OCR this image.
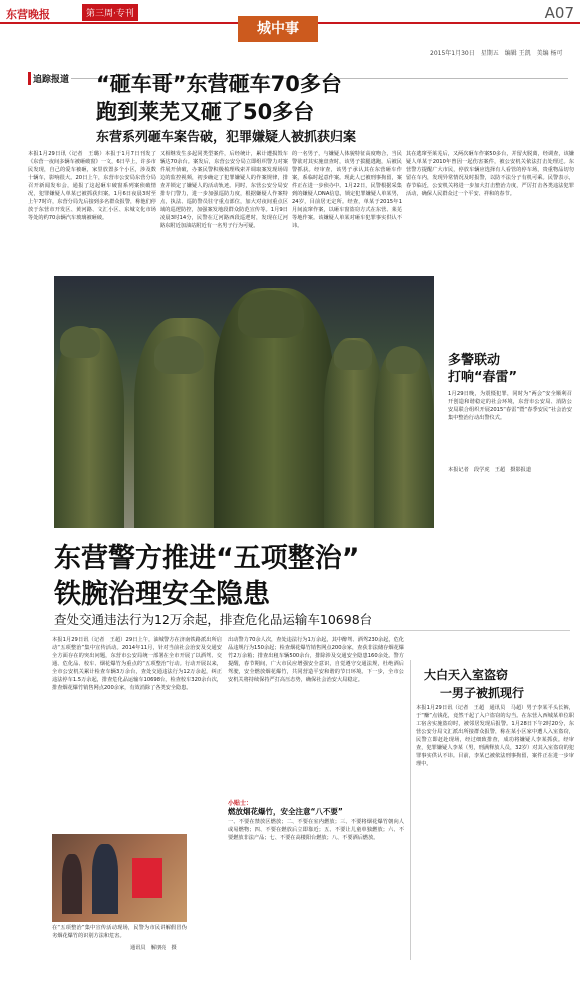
东营晚报	第三周·专刊	A07
城中事
2015年1月30日　星期五　编辑 王凯　美编 杨可
追踪报道 “砸车哥”东营砸车70多台
跑到莱芜又砸了50多台
东营系列砸车案告破，犯罪嫌疑人被抓获归案
本报1月29日讯（记者　王璐）本报于1月7日刊发了《东营一夜间多辆车被砸破窗》一文，6日早上，许多市民发现，自己的爱车被砸，家里放置多个小区，涉及数十辆车，影响很大。20日上午，东营市公安局东营分局召开新闻发布会，通报了这起砸车破窗系列案侦破情况，犯罪嫌疑人单某已被抓获归案。1月6日夜晨3时至上午7时许，东营分局先后接到多名群众报警，称他们停放于东营市开发区、黄河路、文汇小区、东城文化市场等处的约70余辆汽车玻璃被砸破。
又相继发生多起同类型案件，后经统计，累计遭损毁车辆达70余台。案发后，东营公安分局立即组织警力对案件展开侦破，办案民警积极梳理线索并调取案发现场周边的监控视频，初步确定了犯罪嫌疑人的作案规律，排查并锁定了嫌疑人的活动轨迹。同时，东营公安分局安排专门警力，进一步加强巡防力度，根据嫌疑人作案特点，执法、巡防警员驻守重点部位，加大对夜间重点区域的巡逻防控，加强案发地段群众防范宣传等。1月9日凌晨3时14分，民警在辽河路西段巡逻时，发现在辽河路东附近加油站附近有一名男子行为可疑。
的一名男子，与嫌疑人体貌特征高度吻合，当民警欲对其实施盘查时，该男子拔腿逃跑，后被民警抓获。经审查，该男子承认其在东营砸车作案，系临时起意作案。现此人已被刑事拘留，案件正在进一步侦办中。1月22日，民警根据采集到的嫌疑人DNA信息，锁定犯罪嫌疑人单某男，24岁，目前居无定所。经查，单某于2015年1月间流窜作案，以砸车窗盗窃方式在东营、莱芜等地作案。该嫌疑人单某对砸车犯罪事实供认不讳。
其在逃窜至莱芜后，又两次砸车作案50多台，并留火脱离，经调查，该嫌疑人单某于2010年曾因一起伤害案件，被公安机关依法打击处理过。东营警方提醒广大市民，停放车辆应选择有人看管的停车场，贵重物品切勿留在车内，发现异常情况及时报警，以防不法分子有机可乘。民警表示，春节临近，公安机关将进一步加大打击整治力度，严厉打击各类违法犯罪活动，确保人民群众过一个平安、祥和的春节。
多警联动
打响“春雷”
1月29日晚，为震慑犯罪，同时为“两会”安全顺利召开创造和谐稳定的社会环境，东营市公安局、消防公安局联合组织开展2015“春雷”暨“春季安民”社会治安集中整治行动出警仪式。
本报记者　段学虎　王超　摄影报道
东营警方推进“五项整治”
铁腕治理安全隐患
查处交通违法行为12万余起，排查危化品运输车10698台
本报1月29日讯（记者　王超）29日上午，油城警方在济南铁路派出所启动“五项整治”集中宣传活动。2014年11月，针对当前社会治安及交通安全方面存在的突出问题，东营市公安局统一部署在全市开展了以酒驾、交通、危化品、校车、烟花爆竹为重点的“五项整治”行动。行动开展以来，全市公安机关累计检查车辆3万余台，查处交通违法行为12万余起，纠正违法停车1.5万余起，排查危化品运输车10698台，检查校车320余台次，排查烟花爆竹销售网点200余家，有效消除了各类安全隐患。
出动警力70余人次，查处违法行为1万余起，其中醉驾、酒驾230余起，危化品违规行为150余起；检查烟花爆竹销售网点200余家，查获非法储存烟花爆竹2万余箱；排查出租车辆500余台，排除涉及交通安全隐患160余处。警方提醒，春节期间，广大市民应增强安全意识，自觉遵守交通法规，杜绝酒后驾驶，安全燃放烟花爆竹，共同营造平安和谐的节日环境。下一步，全市公安机关将持续保持严打高压态势，确保社会治安大局稳定。
小贴士：
燃放烟花爆竹，安全注意“八不要”
一、不要在禁放区燃放；二、不要在室内燃放；三、不要将烟花爆竹朝向人或易燃物；四、不要在燃放后立即靠近；五、不要让儿童单独燃放；六、不要燃放非法产品；七、不要在高楼阳台燃放；八、不要酒后燃放。
在“五项整治”集中宣传活动现场，民警为市民讲解假冒伪劣烟花爆竹的识别方法和危害。
通讯员　解朋亮　摄
大白天入室盗窃
一男子被抓现行
本报1月29日讯（记者　王超　通讯员　马超）男子李某平头长裤，于“赚”点钱花，竟然干起了入户盗窃的勾当。在东营入西城某单位职工宿舍实施盗窃时，被邻居发现后报警。1月28日下午2时20分，东营公安分局文汇派出所接群众报警，称在某小区家中遭人入室盗窃，民警立即赶赴现场，经过细致排查，成功将嫌疑人李某抓获。经审查，犯罪嫌疑人李某（男，刑满释放人员，32岁）对其入室盗窃的犯罪事实供认不讳。目前，李某已被依法刑事拘留，案件正在进一步审理中。
